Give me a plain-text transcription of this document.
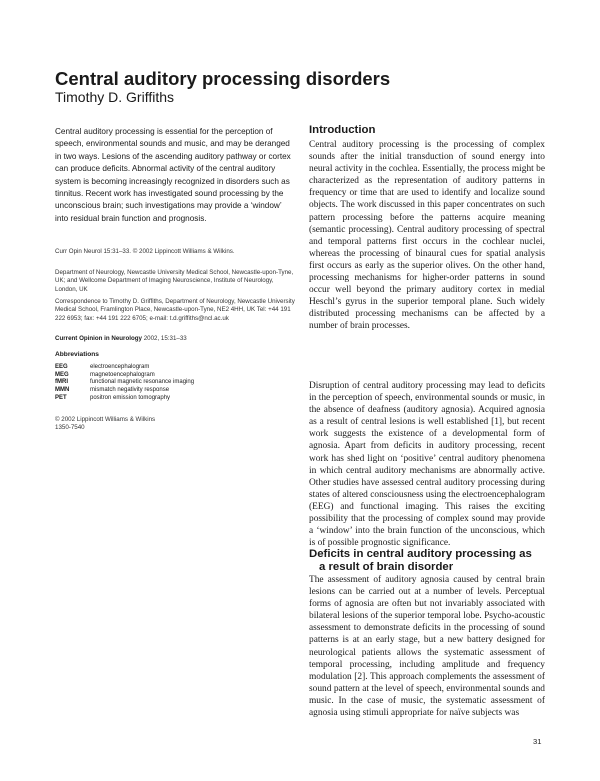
Central auditory processing disorders

Timothy D. Griffiths

Central auditory processing is essential for the perception of speech, environmental sounds and music, and may be deranged in two ways. Lesions of the ascending auditory pathway or cortex can produce deficits. Abnormal activity of the central auditory system is becoming increasingly recognized in disorders such as tinnitus. Recent work has investigated sound processing by the unconscious brain; such investigations may provide a ‘window’ into residual brain function and prognosis.

Curr Opin Neurol 15:31–33. © 2002 Lippincott Williams & Wilkins.

Department of Neurology, Newcastle University Medical School, Newcastle-upon-Tyne, UK; and Wellcome Department of Imaging Neuroscience, Institute of Neurology, London, UK

Correspondence to Timothy D. Griffiths, Department of Neurology, Newcastle University Medical School, Framlington Place, Newcastle-upon-Tyne, NE2 4HH, UK Tel: +44 191 222 6953; fax: +44 191 222 6705; e-mail: t.d.griffiths@ncl.ac.uk

Current Opinion in Neurology 2002, 15:31–33

Abbreviations

EEG	electroencephalogram
MEG	magnetoencephalogram
fMRI	functional magnetic resonance imaging
MMN	mismatch negativity response
PET	positron emission tomography

© 2002 Lippincott Williams & Wilkins
1350-7540

Introduction

Central auditory processing is the processing of complex sounds after the initial transduction of sound energy into neural activity in the cochlea. Essentially, the process might be characterized as the representation of auditory patterns in frequency or time that are used to identify and localize sound objects. The work discussed in this paper concentrates on such pattern processing before the patterns acquire meaning (semantic processing). Central auditory processing of spectral and temporal patterns first occurs in the cochlear nuclei, whereas the processing of binaural cues for spatial analysis first occurs as early as the superior olives. On the other hand, processing mechanisms for higher-order patterns in sound occur well beyond the primary auditory cortex in medial Heschl’s gyrus in the superior temporal plane. Such widely distributed processing mechanisms can be affected by a number of brain processes.

Disruption of central auditory processing may lead to deficits in the perception of speech, environmental sounds or music, in the absence of deafness (auditory agnosia). Acquired agnosia as a result of central lesions is well established [1], but recent work suggests the existence of a developmental form of agnosia. Apart from deficits in auditory processing, recent work has shed light on ‘positive’ central auditory phenomena in which central auditory mechanisms are abnormally active. Other studies have assessed central auditory processing during states of altered consciousness using the electroencephalogram (EEG) and functional imaging. This raises the exciting possibility that the processing of complex sound may provide a ‘window’ into the brain function of the unconscious, which is of possible prognostic significance.

Deficits in central auditory processing as
a result of brain disorder

The assessment of auditory agnosia caused by central brain lesions can be carried out at a number of levels. Perceptual forms of agnosia are often but not invariably associated with bilateral lesions of the superior temporal lobe. Psycho-acoustic assessment to demonstrate deficits in the processing of sound patterns is at an early stage, but a new battery designed for neurological patients allows the systematic assessment of temporal processing, including amplitude and frequency modulation [2]. This approach complements the assessment of sound pattern at the level of speech, environmental sounds and music. In the case of music, the systematic assessment of agnosia using stimuli appropriate for naïve subjects was

31
